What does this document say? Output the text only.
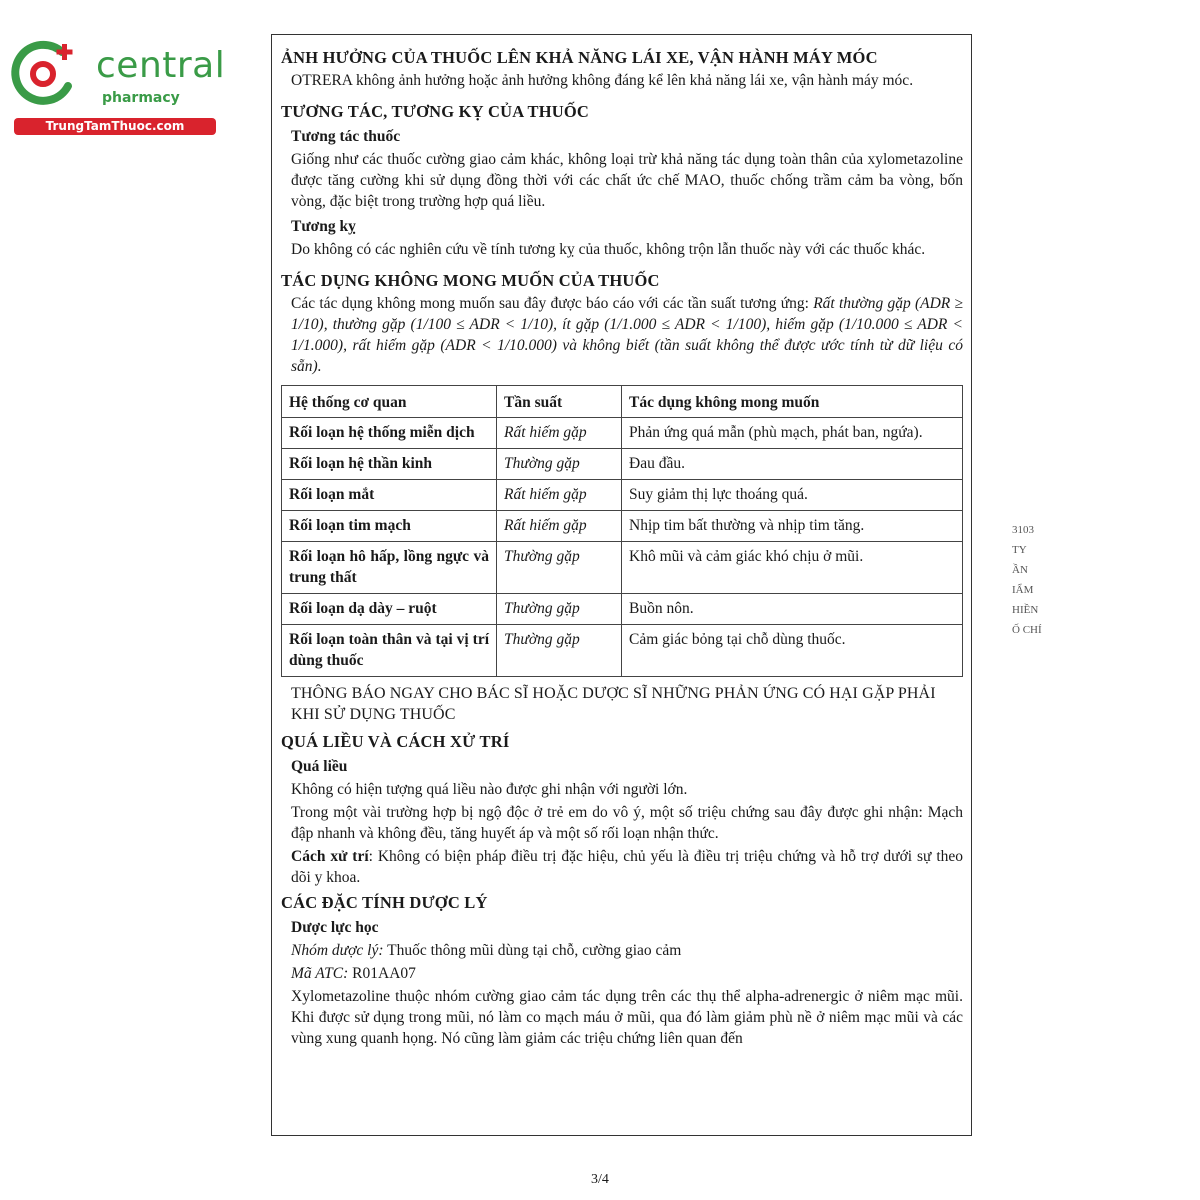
central
pharmacy
TrungTamThuoc.com
ẢNH HƯỞNG CỦA THUỐC LÊN KHẢ NĂNG LÁI XE, VẬN HÀNH MÁY MÓC
OTRERA không ảnh hưởng hoặc ảnh hưởng không đáng kể lên khả năng lái xe, vận hành máy móc.
TƯƠNG TÁC, TƯƠNG KỴ CỦA THUỐC
Tương tác thuốc
Giống như các thuốc cường giao cảm khác, không loại trừ khả năng tác dụng toàn thân của xylometazoline được tăng cường khi sử dụng đồng thời với các chất ức chế MAO, thuốc chống trầm cảm ba vòng, bốn vòng, đặc biệt trong trường hợp quá liều.
Tương kỵ
Do không có các nghiên cứu về tính tương kỵ của thuốc, không trộn lẫn thuốc này với các thuốc khác.
TÁC DỤNG KHÔNG MONG MUỐN CỦA THUỐC
Các tác dụng không mong muốn sau đây được báo cáo với các tần suất tương ứng: Rất thường gặp (ADR ≥ 1/10), thường gặp (1/100 ≤ ADR < 1/10), ít gặp (1/1.000 ≤ ADR < 1/100), hiếm gặp (1/10.000 ≤ ADR < 1/1.000), rất hiếm gặp (ADR < 1/10.000) và không biết (tần suất không thể được ước tính từ dữ liệu có sẵn).
Hệ thống cơ quan	Tần suất	Tác dụng không mong muốn
Rối loạn hệ thống miễn dịch	Rất hiếm gặp	Phản ứng quá mẫn (phù mạch, phát ban, ngứa).
Rối loạn hệ thần kinh	Thường gặp	Đau đầu.
Rối loạn mắt	Rất hiếm gặp	Suy giảm thị lực thoáng quá.
Rối loạn tim mạch	Rất hiếm gặp	Nhịp tim bất thường và nhịp tim tăng.
Rối loạn hô hấp, lồng ngực và trung thất	Thường gặp	Khô mũi và cảm giác khó chịu ở mũi.
Rối loạn dạ dày – ruột	Thường gặp	Buồn nôn.
Rối loạn toàn thân và tại vị trí dùng thuốc	Thường gặp	Cảm giác bỏng tại chỗ dùng thuốc.
THÔNG BÁO NGAY CHO BÁC SĨ HOẶC DƯỢC SĨ NHỮNG PHẢN ỨNG CÓ HẠI GẶP PHẢI KHI SỬ DỤNG THUỐC
QUÁ LIỀU VÀ CÁCH XỬ TRÍ
Quá liều
Không có hiện tượng quá liều nào được ghi nhận với người lớn.
Trong một vài trường hợp bị ngộ độc ở trẻ em do vô ý, một số triệu chứng sau đây được ghi nhận: Mạch đập nhanh và không đều, tăng huyết áp và một số rối loạn nhận thức.
Cách xử trí: Không có biện pháp điều trị đặc hiệu, chủ yếu là điều trị triệu chứng và hỗ trợ dưới sự theo dõi y khoa.
CÁC ĐẶC TÍNH DƯỢC LÝ
Dược lực học
Nhóm dược lý: Thuốc thông mũi dùng tại chỗ, cường giao cảm
Mã ATC: R01AA07
Xylometazoline thuộc nhóm cường giao cảm tác dụng trên các thụ thể alpha-adrenergic ở niêm mạc mũi. Khi được sử dụng trong mũi, nó làm co mạch máu ở mũi, qua đó làm giảm phù nề ở niêm mạc mũi và các vùng xung quanh họng. Nó cũng làm giảm các triệu chứng liên quan đến
3103
TY
ẦN
IẨM
HIỀN
Ố CHÍ
3/4
